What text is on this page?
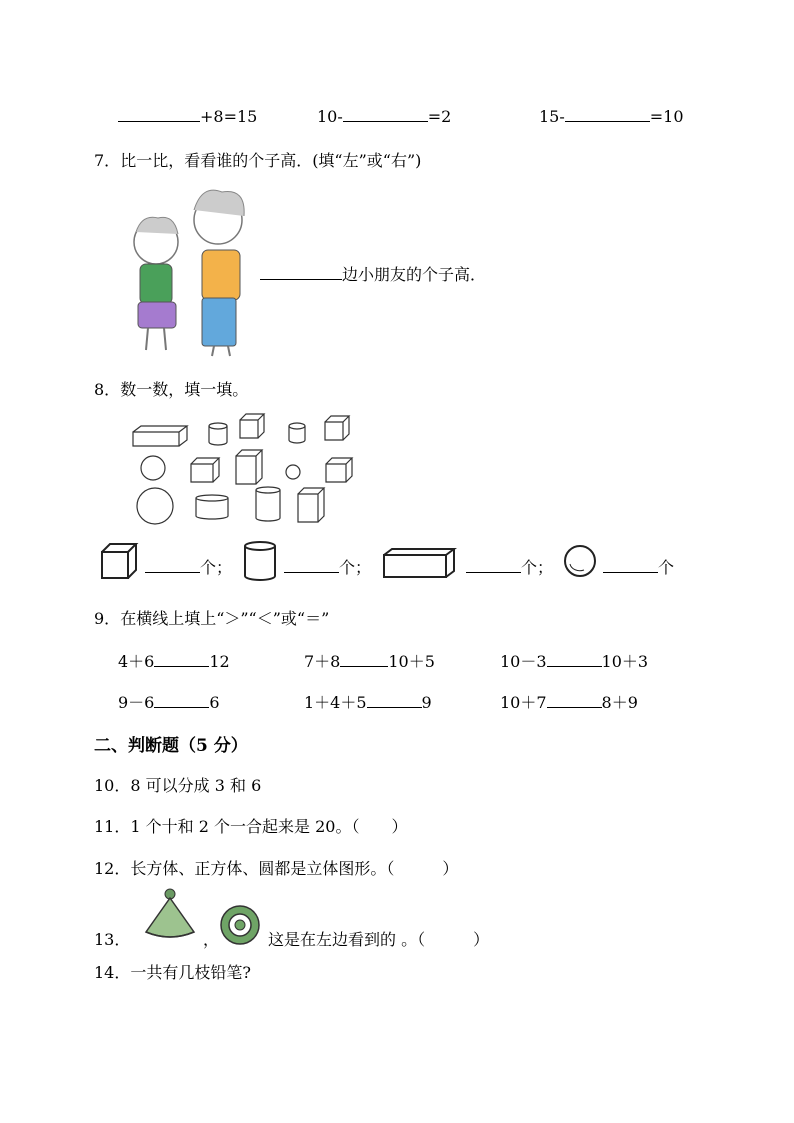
+8=15	10-	=2	15-	=10
7．比一比，看看谁的个子高．(填“左”或“右”)
边小朋友的个子高．
8．数一数，填一填。
个；	个；	个；	个
9．在横线上填上“＞”“＜”或“＝”
4＋6	12	7＋8	10＋5	10－3	10＋3
9－6	6	1＋4＋5	9	10＋7	8＋9
二、判断题（5 分）
10．8 可以分成 3 和 6
11．1 个十和 2 个一合起来是 20。（　　）
12．长方体、正方体、圆都是立体图形。（　　　）
13．	，	这是在左边看到的 。（　　　）
14．一共有几枝铅笔?
